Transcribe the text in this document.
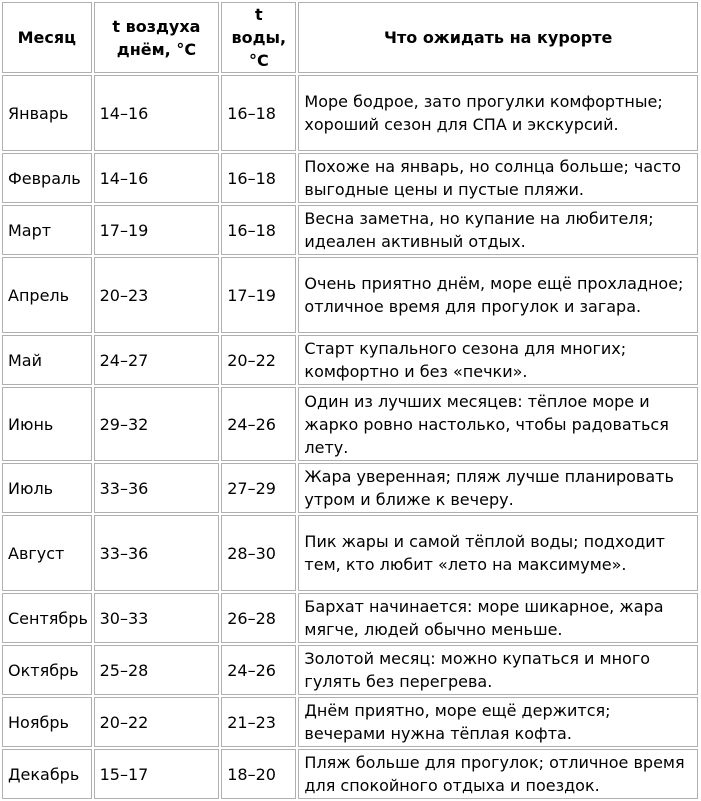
Месяц	t воздуха днём, °C	t воды, °C	Что ожидать на курорте
Январь	14–16	16–18	Море бодрое, зато прогулки комфортные; хороший сезон для СПА и экскурсий.
Февраль	14–16	16–18	Похоже на январь, но солнца больше; часто выгодные цены и пустые пляжи.
Март	17–19	16–18	Весна заметна, но купание на любителя; идеален активный отдых.
Апрель	20–23	17–19	Очень приятно днём, море ещё прохладное; отличное время для прогулок и загара.
Май	24–27	20–22	Старт купального сезона для многих; комфортно и без «печки».
Июнь	29–32	24–26	Один из лучших месяцев: тёплое море и жарко ровно настолько, чтобы радоваться лету.
Июль	33–36	27–29	Жара уверенная; пляж лучше планировать утром и ближе к вечеру.
Август	33–36	28–30	Пик жары и самой тёплой воды; подходит тем, кто любит «лето на максимуме».
Сентябрь	30–33	26–28	Бархат начинается: море шикарное, жара мягче, людей обычно меньше.
Октябрь	25–28	24–26	Золотой месяц: можно купаться и много гулять без перегрева.
Ноябрь	20–22	21–23	Днём приятно, море ещё держится; вечерами нужна тёплая кофта.
Декабрь	15–17	18–20	Пляж больше для прогулок; отличное время для спокойного отдыха и поездок.
